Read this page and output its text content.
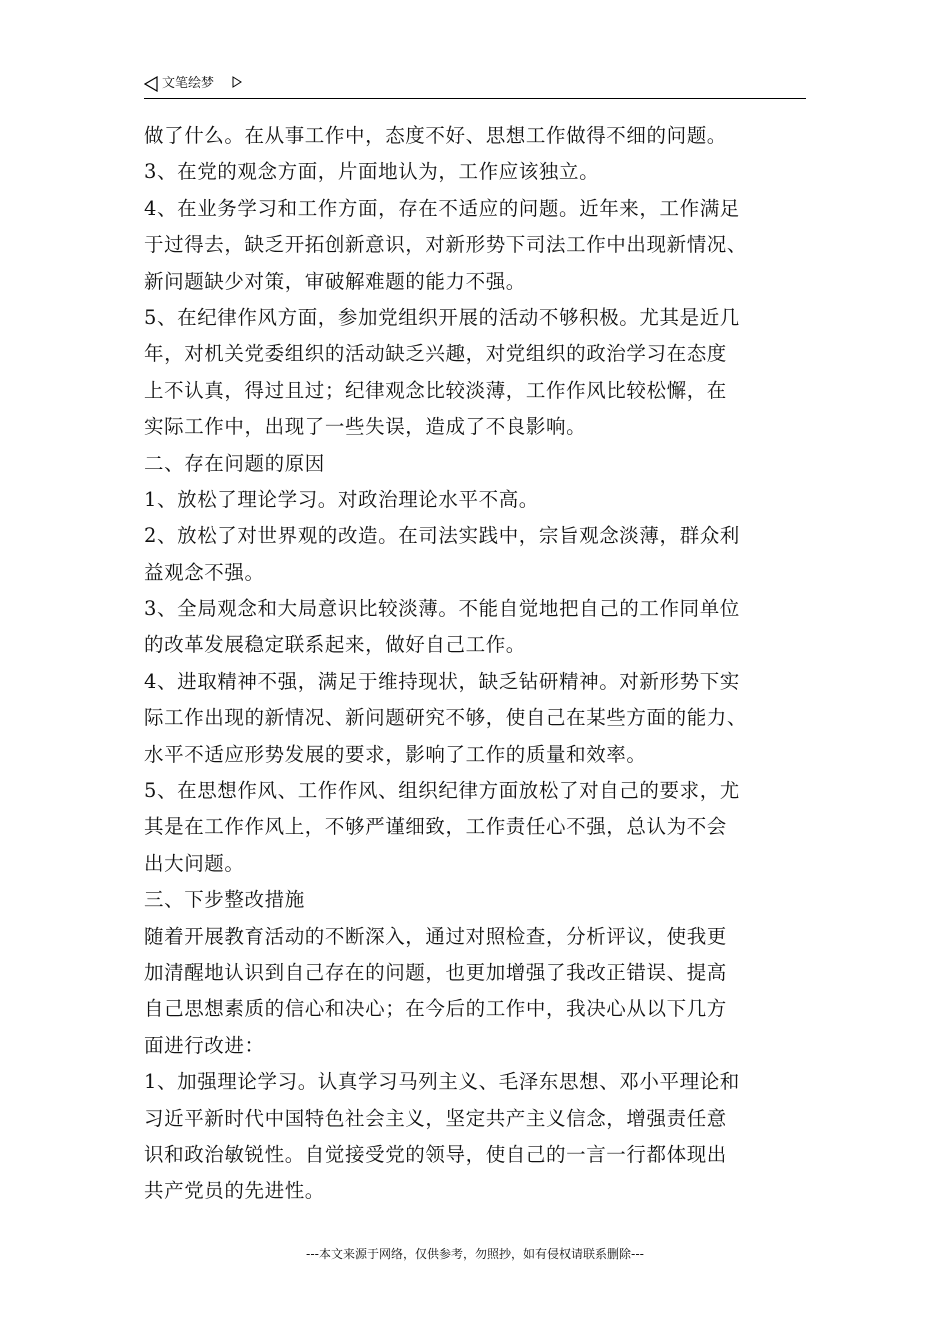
文笔绘梦
做了什么。在从事工作中，态度不好、思想工作做得不细的问题。
3、在党的观念方面，片面地认为，工作应该独立。
4、在业务学习和工作方面，存在不适应的问题。近年来，工作满足
于过得去，缺乏开拓创新意识，对新形势下司法工作中出现新情况、
新问题缺少对策，审破解难题的能力不强。
5、在纪律作风方面，参加党组织开展的活动不够积极。尤其是近几
年，对机关党委组织的活动缺乏兴趣，对党组织的政治学习在态度
上不认真，得过且过；纪律观念比较淡薄，工作作风比较松懈，在
实际工作中，出现了一些失误，造成了不良影响。
二、存在问题的原因
1、放松了理论学习。对政治理论水平不高。
2、放松了对世界观的改造。在司法实践中，宗旨观念淡薄，群众利
益观念不强。
3、全局观念和大局意识比较淡薄。不能自觉地把自己的工作同单位
的改革发展稳定联系起来，做好自己工作。
4、进取精神不强，满足于维持现状，缺乏钻研精神。对新形势下实
际工作出现的新情况、新问题研究不够，使自己在某些方面的能力、
水平不适应形势发展的要求，影响了工作的质量和效率。
5、在思想作风、工作作风、组织纪律方面放松了对自己的要求，尤
其是在工作作风上，不够严谨细致，工作责任心不强，总认为不会
出大问题。
三、下步整改措施
随着开展教育活动的不断深入，通过对照检查，分析评议，使我更
加清醒地认识到自己存在的问题，也更加增强了我改正错误、提高
自己思想素质的信心和决心；在今后的工作中，我决心从以下几方
面进行改进：
1、加强理论学习。认真学习马列主义、毛泽东思想、邓小平理论和
习近平新时代中国特色社会主义，坚定共产主义信念，增强责任意
识和政治敏锐性。自觉接受党的领导，使自己的一言一行都体现出
共产党员的先进性。
---本文来源于网络，仅供参考，勿照抄，如有侵权请联系删除---
